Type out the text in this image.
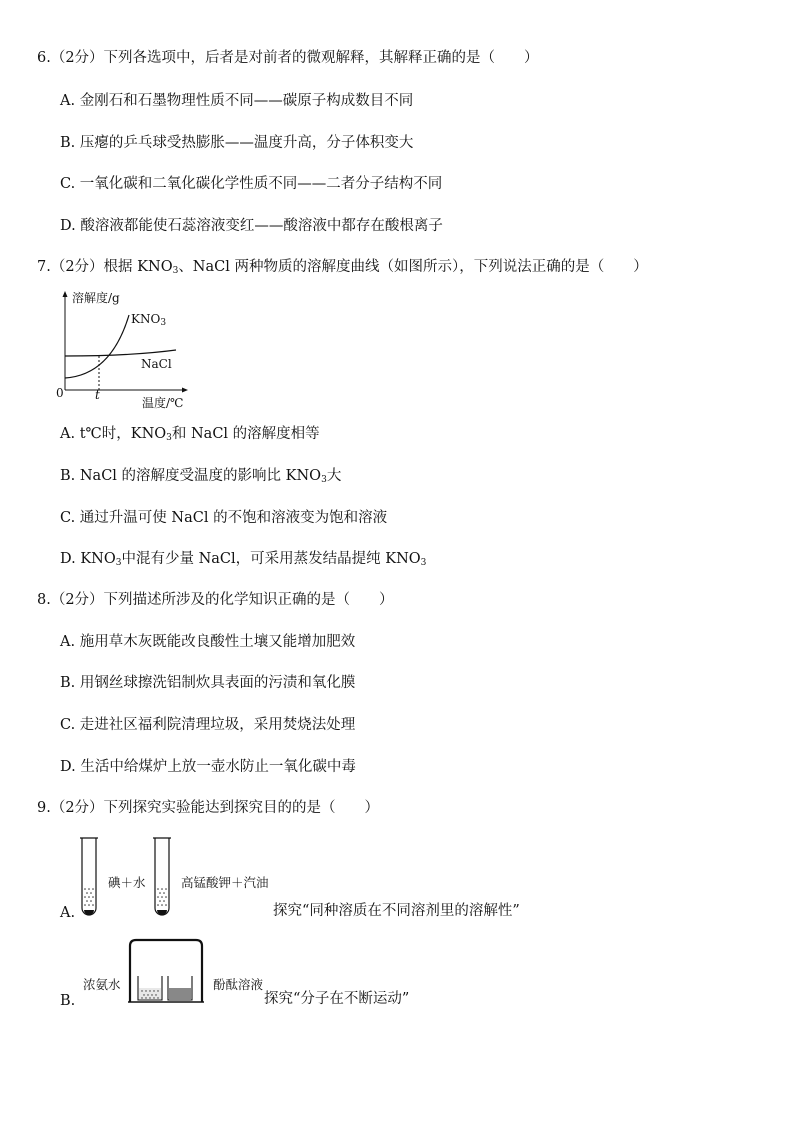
6.（2分）下列各选项中，后者是对前者的微观解释，其解释正确的是（　　）
A. 金刚石和石墨物理性质不同——碳原子构成数目不同
B. 压瘪的乒乓球受热膨胀——温度升高，分子体积变大
C. 一氧化碳和二氧化碳化学性质不同——二者分子结构不同
D. 酸溶液都能使石蕊溶液变红——酸溶液中都存在酸根离子
7.（2分）根据 $KNO_3$、NaCl 两种物质的溶解度曲线（如图所示），下列说法正确的是（　　）
溶解度/g
$KNO_3$
NaCl
0	t
温度/℃
A. t℃时，$KNO_3$和 NaCl 的溶解度相等
B. NaCl 的溶解度受温度的影响比 $KNO_3$大
C. 通过升温可使 NaCl 的不饱和溶液变为饱和溶液
D. $KNO_3$中混有少量 NaCl，可采用蒸发结晶提纯 $KNO_3$
8.（2分）下列描述所涉及的化学知识正确的是（　　）
A. 施用草木灰既能改良酸性土壤又能增加肥效
B. 用钢丝球擦洗铝制炊具表面的污渍和氧化膜
C. 走进社区福利院清理垃圾，采用焚烧法处理
D. 生活中给煤炉上放一壶水防止一氧化碳中毒
9.（2分）下列探究实验能达到探究目的的是（　　）
碘＋水	高锰酸钾＋汽油
A.	探究“同种溶质在不同溶剂里的溶解性”
浓氨水	酚酞溶液
B.	探究“分子在不断运动”
